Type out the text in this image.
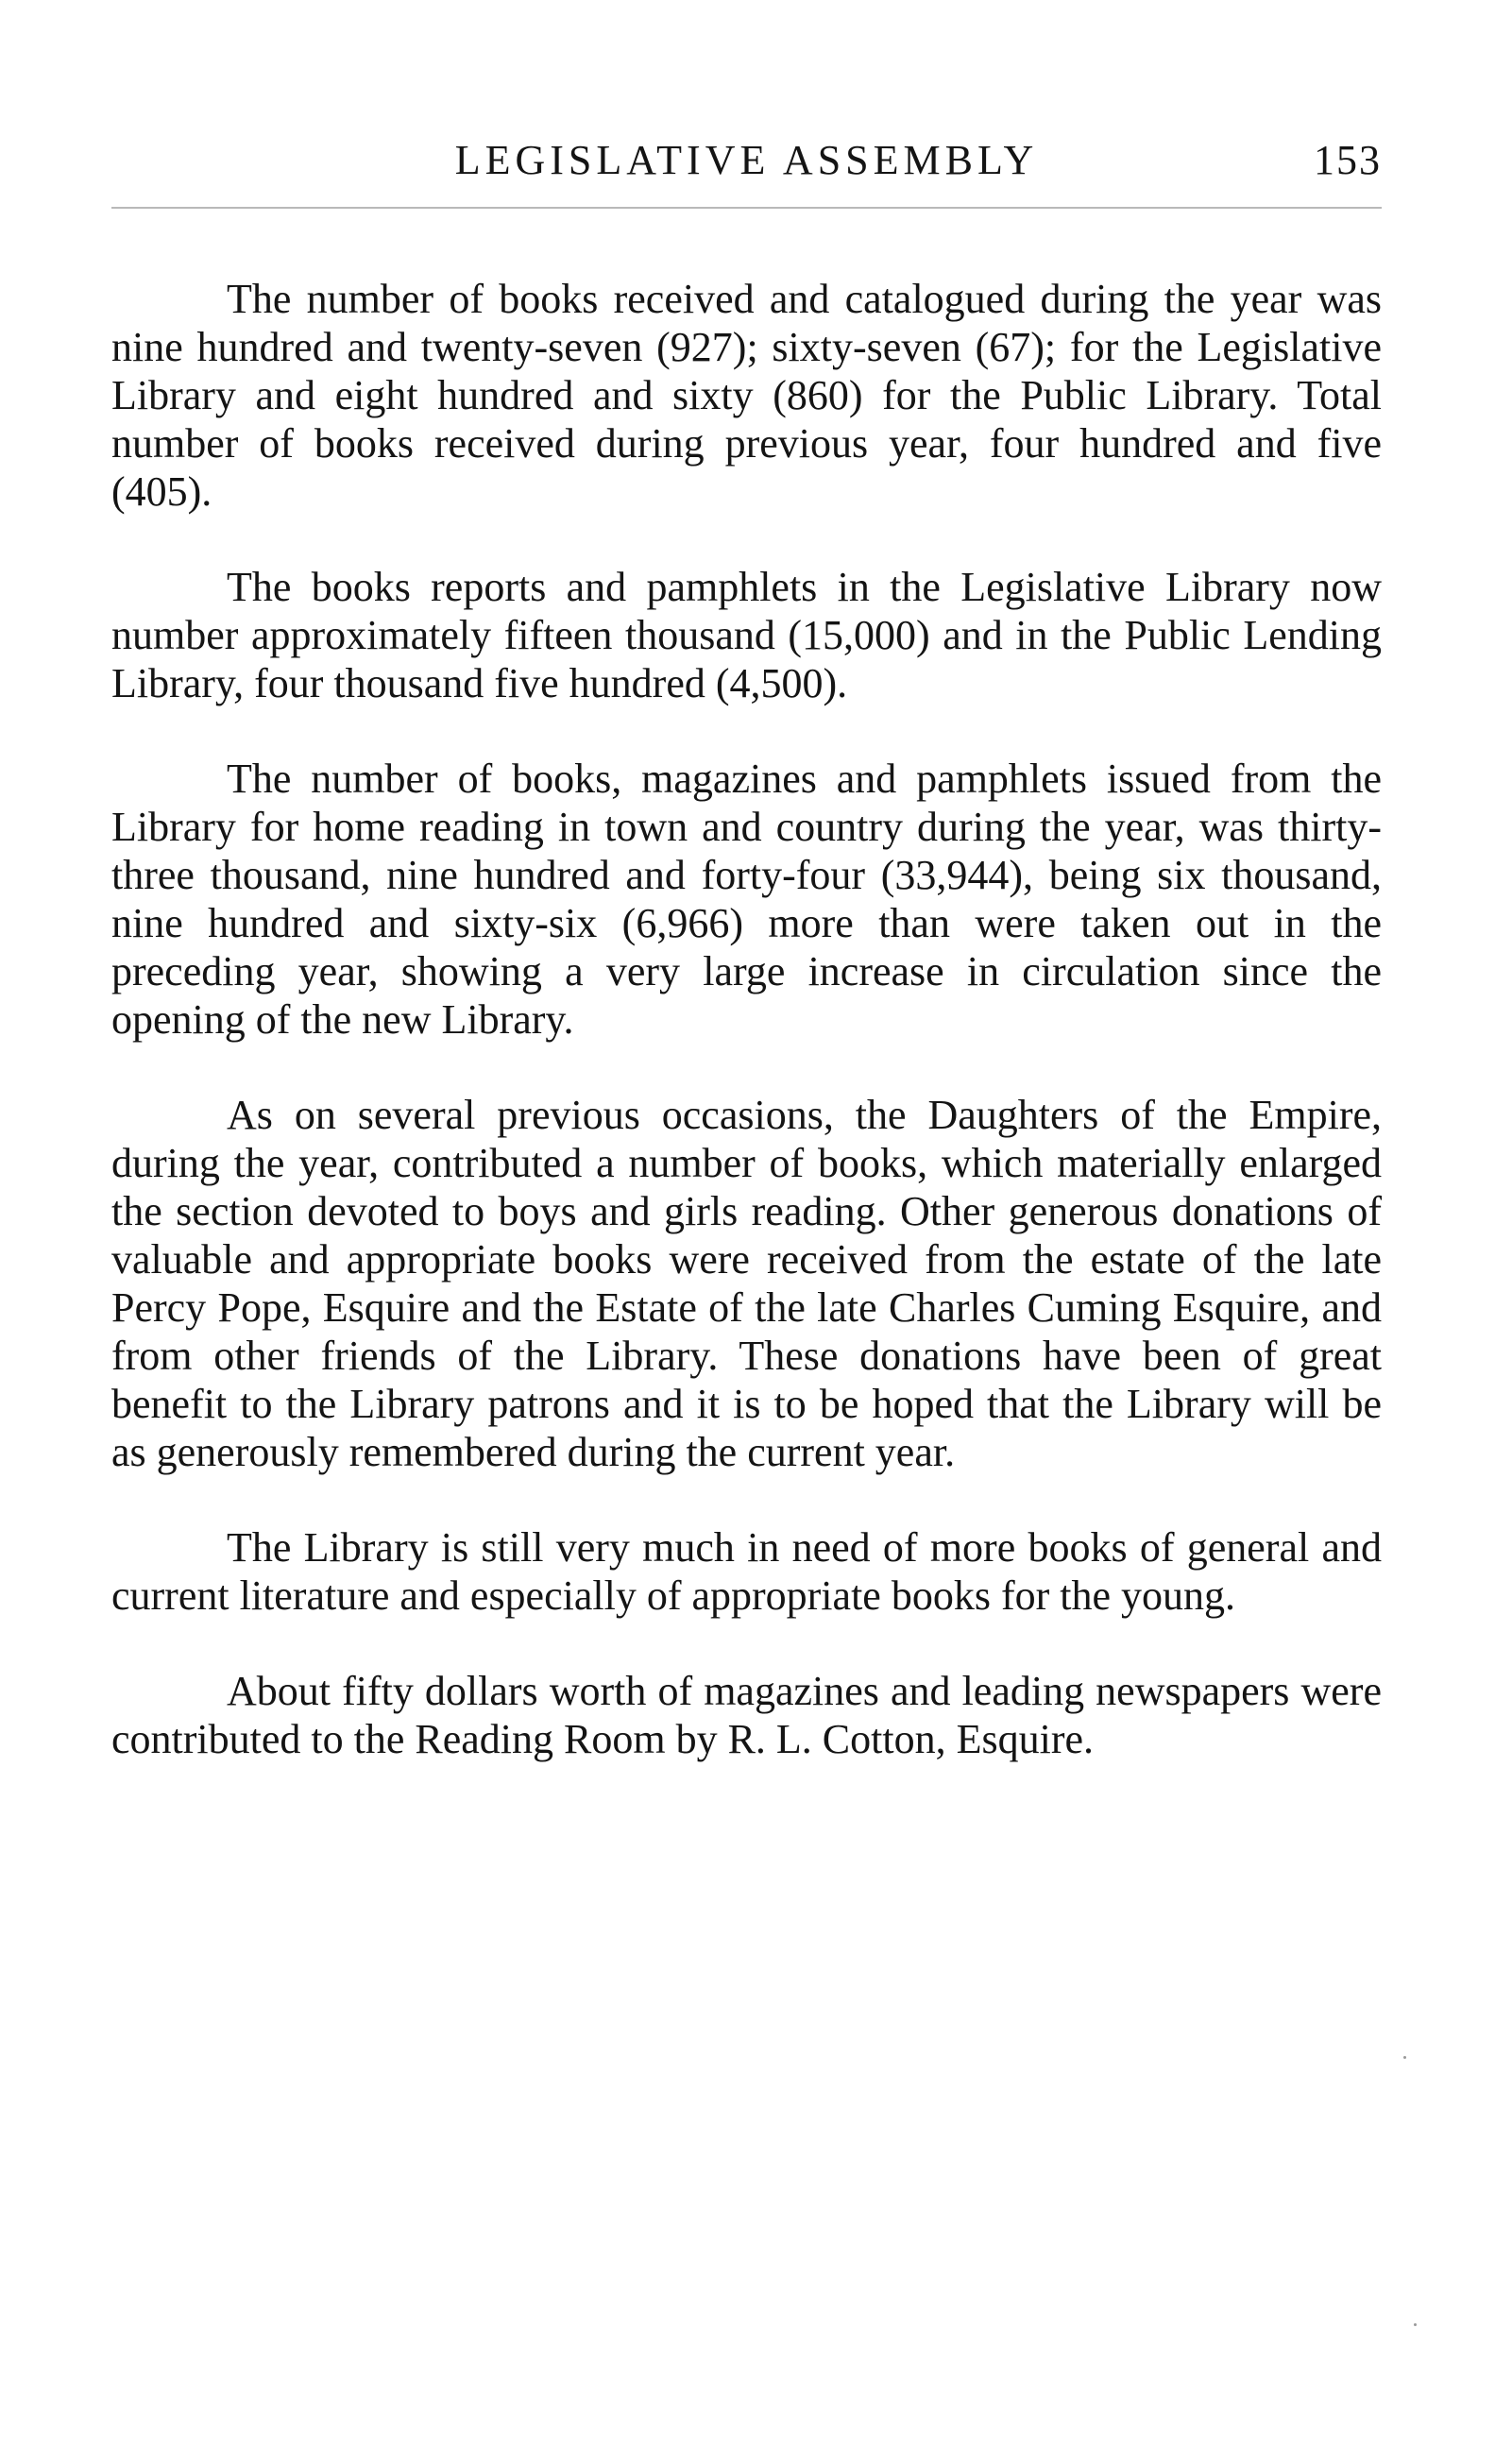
LEGISLATIVE ASSEMBLY	153

The number of books received and catalogued during the year was nine hundred and twenty-seven (927); sixty-seven (67); for the Legislative Library and eight hundred and sixty (860) for the Public Library. Total number of books received during previous year, four hundred and five (405).

The books reports and pamphlets in the Legislative Library now number approximately fifteen thousand (15,000) and in the Public Lending Library, four thousand five hundred (4,500).

The number of books, magazines and pamphlets issued from the Library for home reading in town and country during the year, was thirty-three thousand, nine hundred and forty-four (33,944), being six thousand, nine hundred and sixty-six (6,966) more than were taken out in the preceding year, showing a very large increase in circulation since the opening of the new Library.

As on several previous occasions, the Daughters of the Empire, during the year, contributed a number of books, which materially enlarged the section devoted to boys and girls reading. Other generous donations of valuable and appropriate books were received from the estate of the late Percy Pope, Esquire and the Estate of the late Charles Cuming Esquire, and from other friends of the Library. These donations have been of great benefit to the Library patrons and it is to be hoped that the Library will be as generously remembered during the current year.

The Library is still very much in need of more books of general and current literature and especially of appropriate books for the young.

About fifty dollars worth of magazines and leading newspapers were contributed to the Reading Room by R. L. Cotton, Esquire.
